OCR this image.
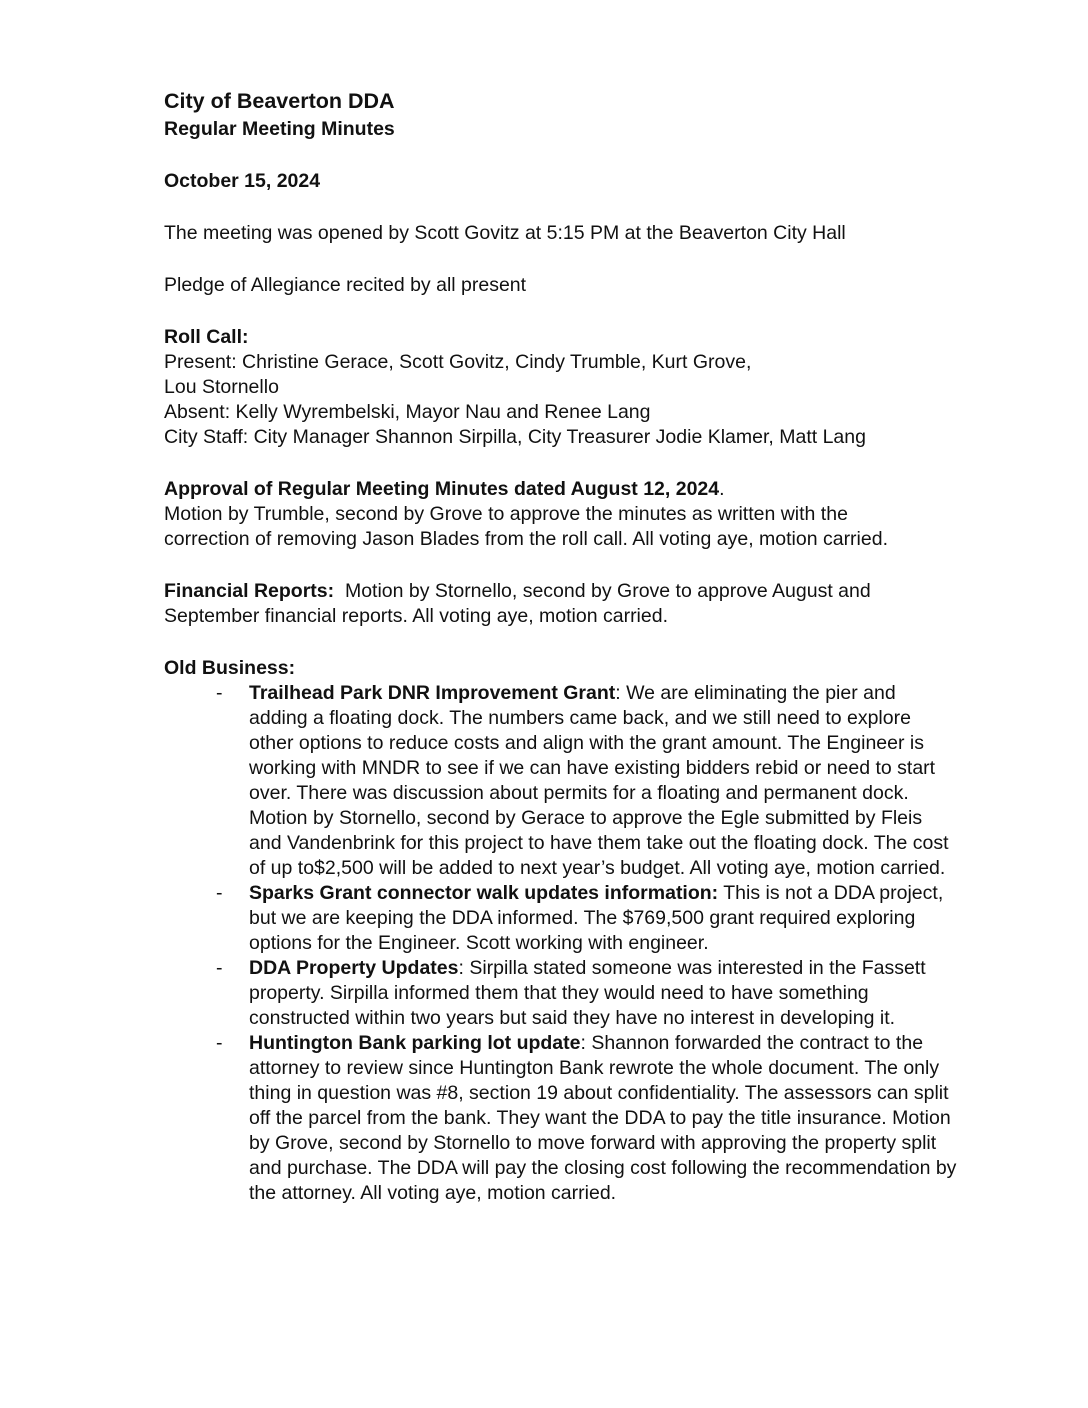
City of Beaverton DDA
Regular Meeting Minutes
October 15, 2024
The meeting was opened by Scott Govitz at 5:15 PM at the Beaverton City Hall
Pledge of Allegiance recited by all present
Roll Call:
Present: Christine Gerace, Scott Govitz, Cindy Trumble, Kurt Grove,
Lou Stornello
Absent: Kelly Wyrembelski, Mayor Nau and Renee Lang
City Staff: City Manager Shannon Sirpilla, City Treasurer Jodie Klamer, Matt Lang
Approval of Regular Meeting Minutes dated August 12, 2024.
Motion by Trumble, second by Grove to approve the minutes as written with the
correction of removing Jason Blades from the roll call. All voting aye, motion carried.
Financial Reports:  Motion by Stornello, second by Grove to approve August and
September financial reports. All voting aye, motion carried.
Old Business:
- Trailhead Park DNR Improvement Grant: We are eliminating the pier and adding a floating dock. The numbers came back, and we still need to explore other options to reduce costs and align with the grant amount. The Engineer is working with MNDR to see if we can have existing bidders rebid or need to start over. There was discussion about permits for a floating and permanent dock. Motion by Stornello, second by Gerace to approve the Egle submitted by Fleis and Vandenbrink for this project to have them take out the floating dock. The cost of up to$2,500 will be added to next year’s budget. All voting aye, motion carried.
- Sparks Grant connector walk updates information: This is not a DDA project, but we are keeping the DDA informed. The $769,500 grant required exploring options for the Engineer. Scott working with engineer.
- DDA Property Updates: Sirpilla stated someone was interested in the Fassett property. Sirpilla informed them that they would need to have something constructed within two years but said they have no interest in developing it.
- Huntington Bank parking lot update: Shannon forwarded the contract to the attorney to review since Huntington Bank rewrote the whole document. The only thing in question was #8, section 19 about confidentiality. The assessors can split off the parcel from the bank. They want the DDA to pay the title insurance. Motion by Grove, second by Stornello to move forward with approving the property split and purchase. The DDA will pay the closing cost following the recommendation by the attorney. All voting aye, motion carried.
